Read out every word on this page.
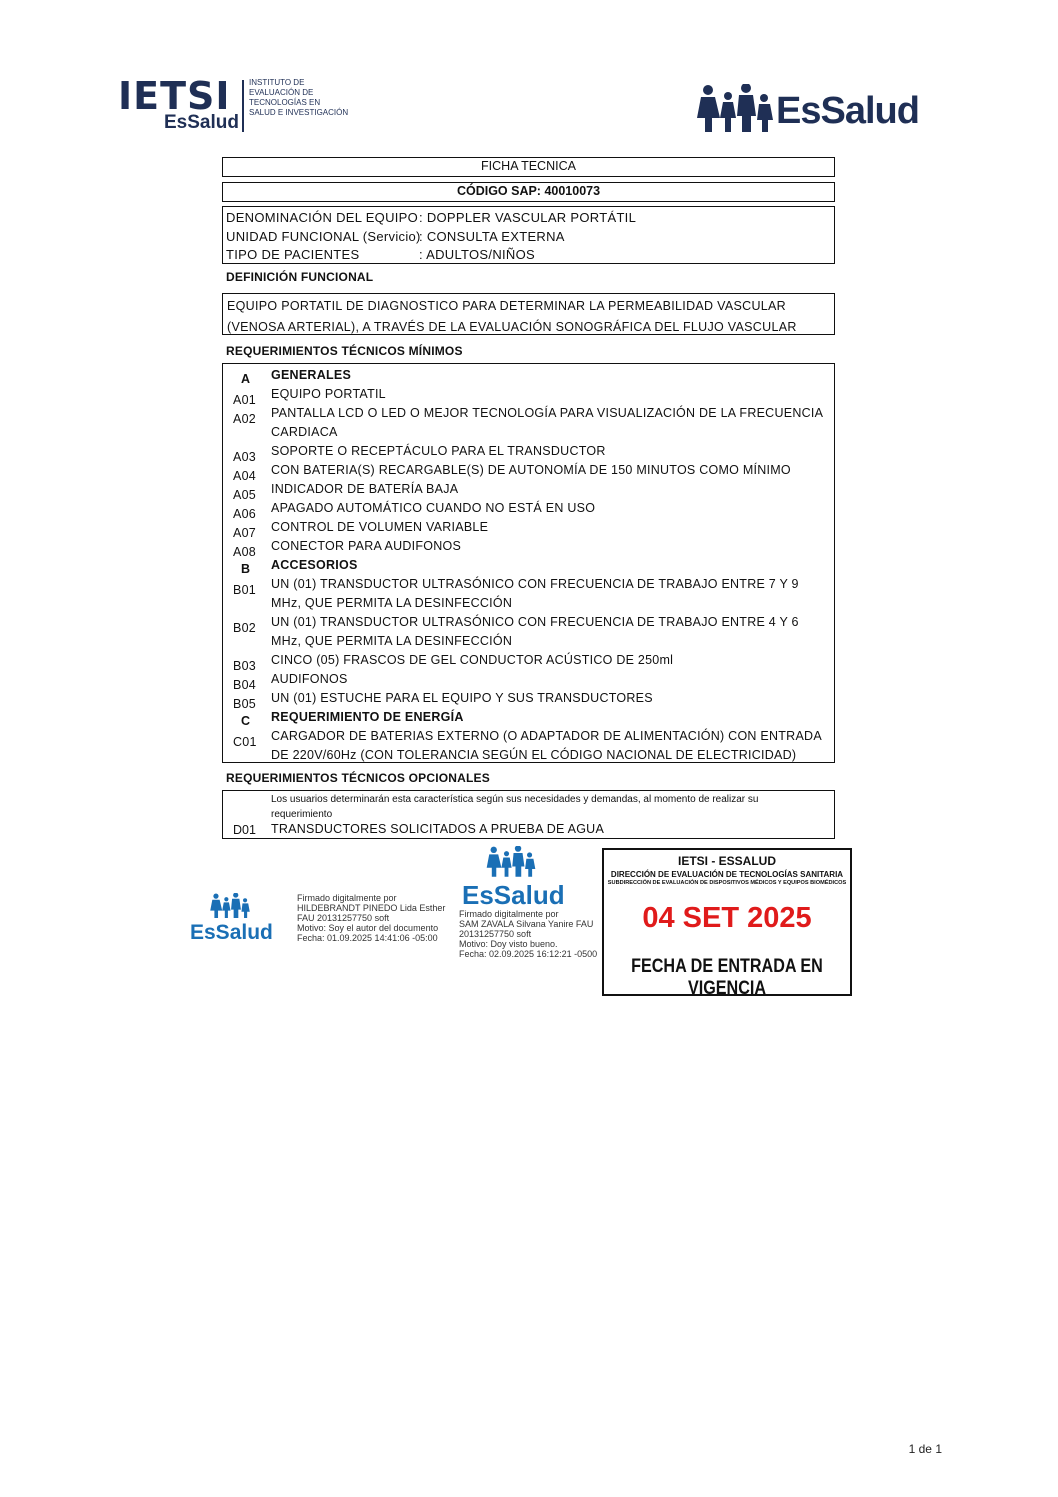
IETSI
EsSalud
INSTITUTO DE EVALUACIÓN DE TECNOLOGÍAS EN SALUD E INVESTIGACIÓN	EsSalud
FICHA TECNICA
CÓDIGO SAP: 40010073
DENOMINACIÓN DEL EQUIPO : DOPPLER VASCULAR PORTÁTIL
UNIDAD FUNCIONAL (Servicio)
: CONSULTA EXTERNA
TIPO DE PACIENTES	: ADULTOS/NIÑOS
DEFINICIÓN FUNCIONAL
EQUIPO PORTATIL DE DIAGNOSTICO PARA DETERMINAR LA PERMEABILIDAD VASCULAR (VENOSA ARTERIAL), A TRAVÉS DE LA EVALUACIÓN SONOGRÁFICA DEL FLUJO VASCULAR
REQUERIMIENTOS TÉCNICOS MÍNIMOS
A	GENERALES
A01	EQUIPO PORTATIL
A02	PANTALLA LCD O LED O MEJOR TECNOLOGÍA PARA VISUALIZACIÓN DE LA FRECUENCIA CARDIACA
A03	SOPORTE O RECEPTÁCULO PARA EL TRANSDUCTOR
A04	CON BATERIA(S) RECARGABLE(S) DE AUTONOMÍA DE 150 MINUTOS COMO MÍNIMO
A05	INDICADOR DE BATERÍA BAJA
A06	APAGADO AUTOMÁTICO CUANDO NO ESTÁ EN USO
A07	CONTROL DE VOLUMEN VARIABLE
A08	CONECTOR PARA AUDIFONOS
B	ACCESORIOS
B01	UN (01) TRANSDUCTOR ULTRASÓNICO CON FRECUENCIA DE TRABAJO ENTRE 7 Y 9 MHz, QUE PERMITA LA DESINFECCIÓN
B02	UN (01) TRANSDUCTOR ULTRASÓNICO CON FRECUENCIA DE TRABAJO ENTRE 4 Y 6 MHz, QUE PERMITA LA DESINFECCIÓN
B03	CINCO (05) FRASCOS DE GEL CONDUCTOR ACÚSTICO DE 250ml
B04	AUDIFONOS
B05	UN (01) ESTUCHE PARA EL EQUIPO Y SUS TRANSDUCTORES
C	REQUERIMIENTO DE ENERGÍA
C01	CARGADOR DE BATERIAS EXTERNO (O ADAPTADOR DE ALIMENTACIÓN) CON ENTRADA DE 220V/60Hz (CON TOLERANCIA SEGÚN EL CÓDIGO NACIONAL DE ELECTRICIDAD)
REQUERIMIENTOS TÉCNICOS OPCIONALES
Los usuarios determinarán esta característica según sus necesidades y demandas, al momento de realizar su requerimiento
D01 TRANSDUCTORES SOLICITADOS A PRUEBA DE AGUA
EsSalud
Firmado digitalmente por
HILDEBRANDT PINEDO Lida Esther
FAU 20131257750 soft
Motivo: Soy el autor del documento
Fecha: 01.09.2025 14:41:06 -05:00
EsSalud
Firmado digitalmente por
SAM ZAVALA Silvana Yanire FAU
20131257750 soft
Motivo: Doy visto bueno.
Fecha: 02.09.2025 16:12:21 -0500
IETSI - ESSALUD
DIRECCIÓN DE EVALUACIÓN DE TECNOLOGÍAS SANITARIA
SUBDIRECCIÓN DE EVALUACIÓN DE DISPOSITIVOS MÉDICOS Y EQUIPOS BIOMÉDICOS
04 SET 2025
FECHA DE ENTRADA EN VIGENCIA
1 de 1
